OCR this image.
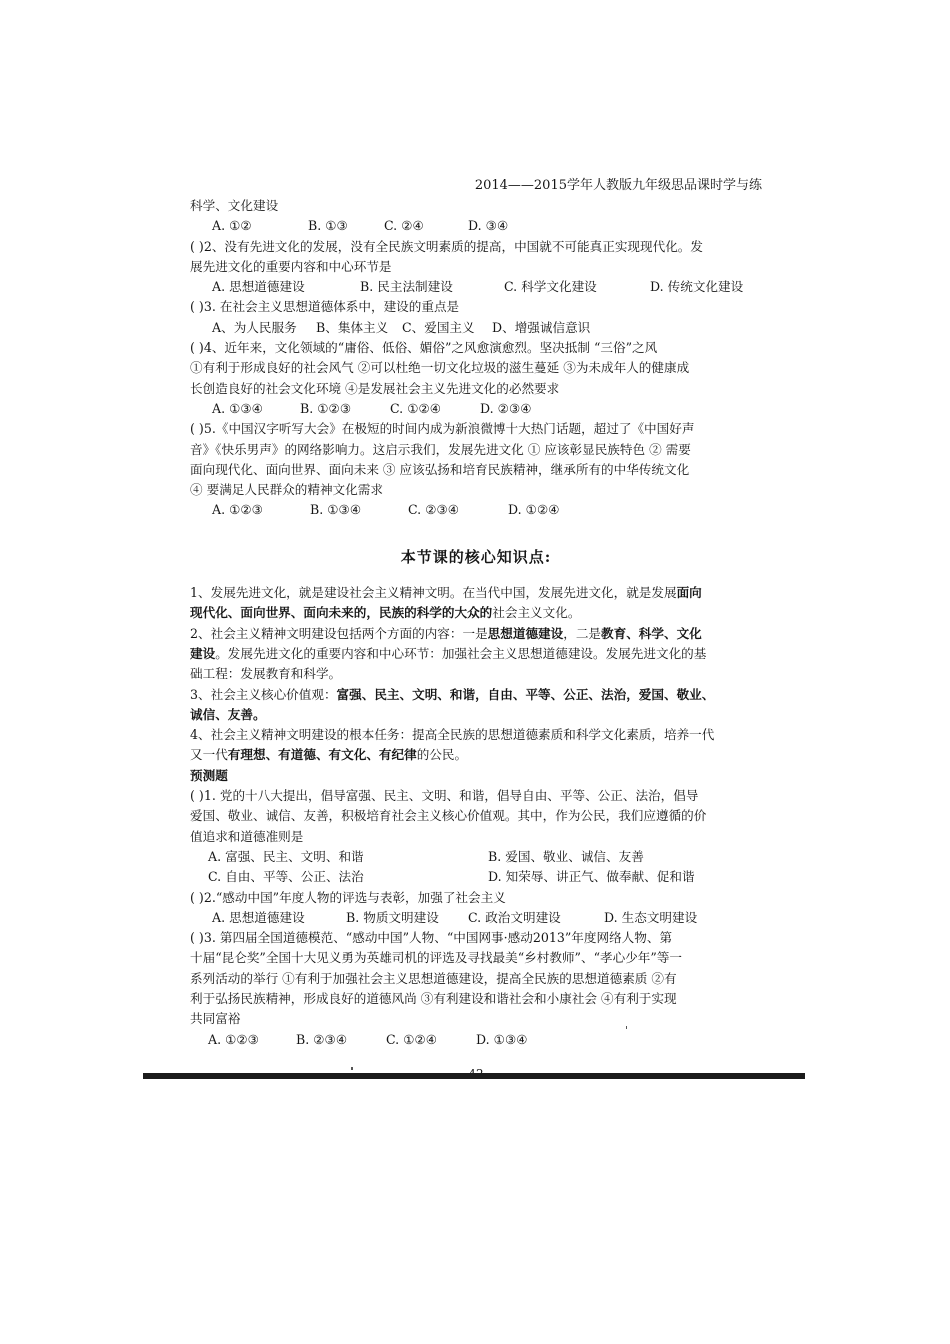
2014——2015学年人教版九年级思品课时学与练
科学、文化建设
A. ①②	B. ①③	C. ②④	D. ③④
( )2、没有先进文化的发展，没有全民族文明素质的提高，中国就不可能真正实现现代化。发
展先进文化的重要内容和中心环节是
A. 思想道德建设	B. 民主法制建设	C. 科学文化建设	D. 传统文化建设
( )3. 在社会主义思想道德体系中，建设的重点是
A、为人民服务	B、集体主义	C、爱国主义	D、增强诚信意识
( )4、近年来，文化领域的“庸俗、低俗、媚俗”之风愈演愈烈。坚决抵制 “三俗”之风
①有利于形成良好的社会风气 ②可以杜绝一切文化垃圾的滋生蔓延 ③为未成年人的健康成
长创造良好的社会文化环境 ④是发展社会主义先进文化的必然要求
A. ①③④	B. ①②③	C. ①②④	D. ②③④
( )5.《中国汉字听写大会》在极短的时间内成为新浪微博十大热门话题，超过了《中国好声
音》《快乐男声》的网络影响力。这启示我们，发展先进文化 ① 应该彰显民族特色 ② 需要
面向现代化、面向世界、面向未来 ③ 应该弘扬和培育民族精神，继承所有的中华传统文化
④ 要满足人民群众的精神文化需求
A. ①②③	B. ①③④	C. ②③④	D. ①②④
本节课的核心知识点:
1、发展先进文化，就是建设社会主义精神文明。在当代中国，发展先进文化，就是发展面向
现代化、面向世界、面向未来的，民族的科学的大众的社会主义文化。
2、社会主义精神文明建设包括两个方面的内容：一是思想道德建设，二是教育、科学、文化
建设。发展先进文化的重要内容和中心环节：加强社会主义思想道德建设。发展先进文化的基
础工程：发展教育和科学。
3、社会主义核心价值观：富强、民主、文明、和谐，自由、平等、公正、法治，爱国、敬业、
诚信、友善。
4、社会主义精神文明建设的根本任务：提高全民族的思想道德素质和科学文化素质，培养一代
又一代有理想、有道德、有文化、有纪律的公民。
预测题
( )1. 党的十八大提出，倡导富强、民主、文明、和谐，倡导自由、平等、公正、法治，倡导
爱国、敬业、诚信、友善，积极培育社会主义核心价值观。其中，作为公民，我们应遵循的价
值追求和道德准则是
A. 富强、民主、文明、和谐	B. 爱国、敬业、诚信、友善
C. 自由、平等、公正、法治	D. 知荣辱、讲正气、做奉献、促和谐
( )2.“感动中国”年度人物的评选与表彰，加强了社会主义
A. 思想道德建设	B. 物质文明建设	C. 政治文明建设	D. 生态文明建设
( )3. 第四届全国道德模范、“感动中国”人物、“中国网事·感动2013”年度网络人物、第
十届“昆仑奖”全国十大见义勇为英雄司机的评选及寻找最美“乡村教师”、“孝心少年”等一
系列活动的举行 ①有利于加强社会主义思想道德建设，提高全民族的思想道德素质 ②有
利于弘扬民族精神，形成良好的道德风尚 ③有利建设和谐社会和小康社会 ④有利于实现
共同富裕
A. ①②③	B. ②③④	C. ①②④	D. ①③④
